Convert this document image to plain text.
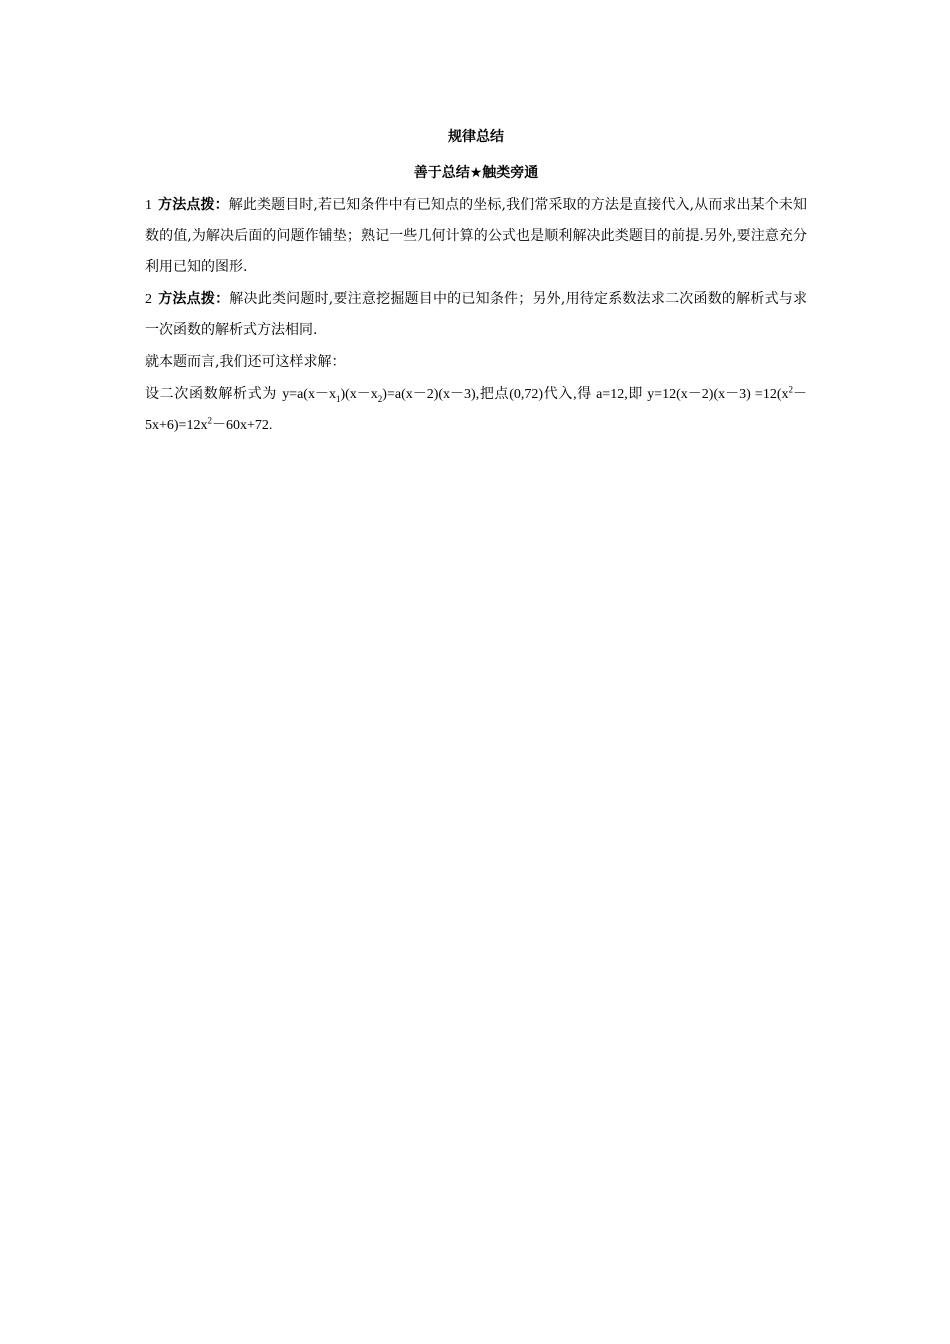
规律总结

善于总结★触类旁通

1 方法点拨：解此类题目时,若已知条件中有已知点的坐标,我们常采取的方法是直接代入,从而求出某个未知数的值,为解决后面的问题作铺垫；熟记一些几何计算的公式也是顺利解决此类题目的前提.另外,要注意充分利用已知的图形.

2 方法点拨：解决此类问题时,要注意挖掘题目中的已知条件；另外,用待定系数法求二次函数的解析式与求一次函数的解析式方法相同.

就本题而言,我们还可这样求解：

设二次函数解析式为 $y=a(x-x_1)(x-x_2)=a(x-2)(x-3)$,把点(0,72)代入,得 a=12,即 $y=12(x-2)(x-3) =12(x^2-5x+6)=12x^2-60x+72$.
